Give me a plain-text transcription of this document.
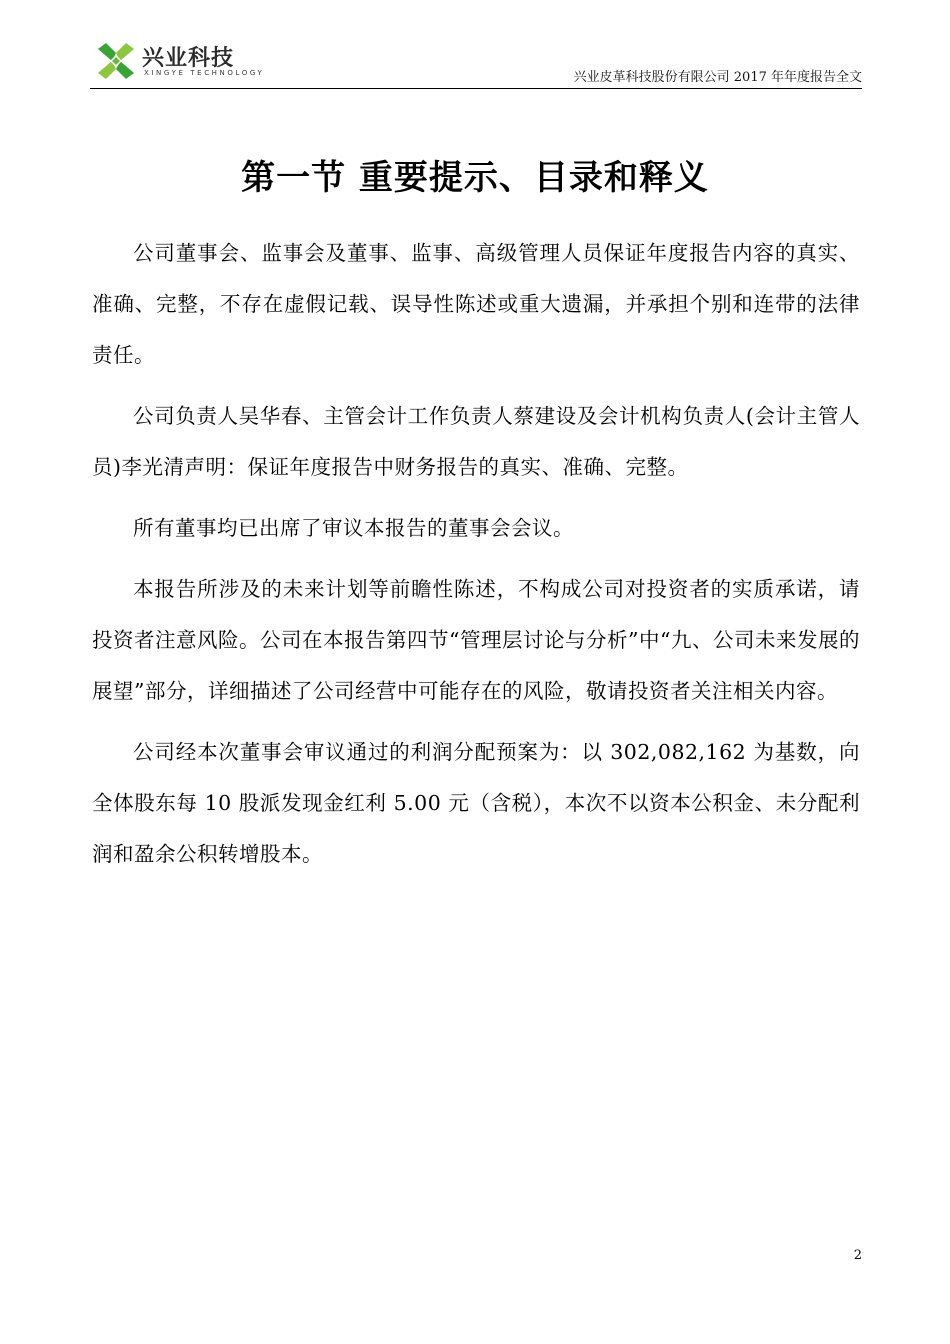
兴业科技
XINGYE TECHNOLOGY	兴业皮革科技股份有限公司 2017 年年度报告全文
第一节 重要提示、目录和释义

公司董事会、监事会及董事、监事、高级管理人员保证年度报告内容的真实、准确、完整，不存在虚假记载、误导性陈述或重大遗漏，并承担个别和连带的法律责任。

公司负责人吴华春、主管会计工作负责人蔡建设及会计机构负责人(会计主管人员)李光清声明：保证年度报告中财务报告的真实、准确、完整。

所有董事均已出席了审议本报告的董事会会议。

本报告所涉及的未来计划等前瞻性陈述，不构成公司对投资者的实质承诺，请投资者注意风险。公司在本报告第四节“管理层讨论与分析”中“九、公司未来发展的展望”部分，详细描述了公司经营中可能存在的风险，敬请投资者关注相关内容。

公司经本次董事会审议通过的利润分配预案为：以 302,082,162 为基数，向全体股东每 10 股派发现金红利 5.00 元（含税），本次不以资本公积金、未分配利润和盈余公积转增股本。

2
